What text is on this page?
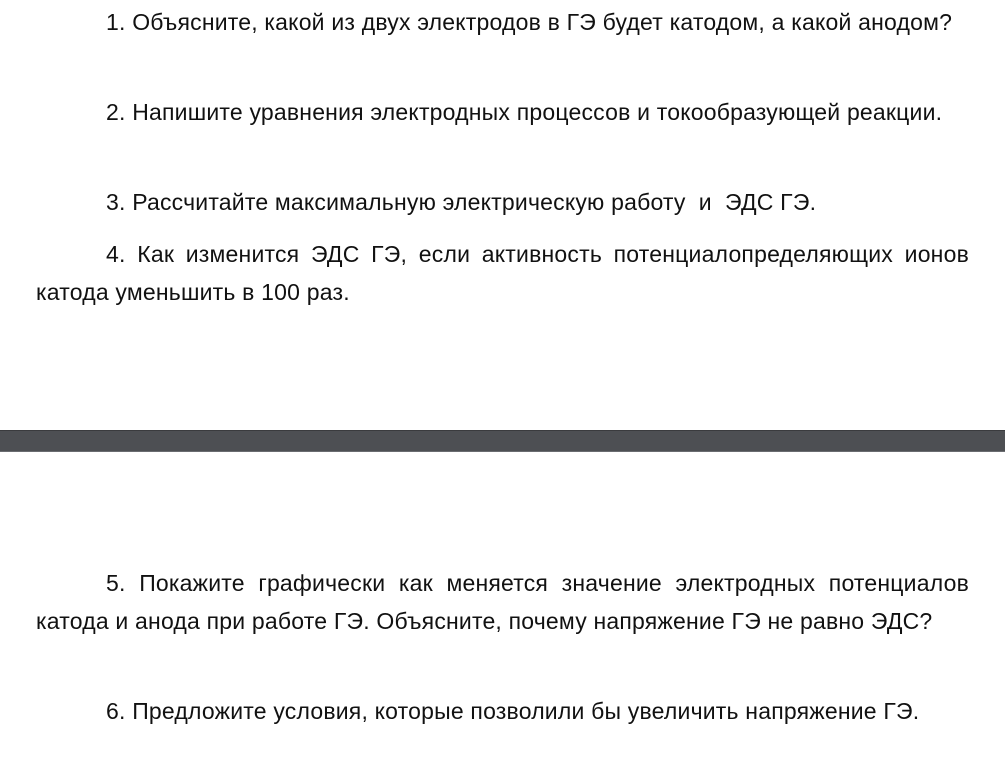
1. Объясните, какой из двух электродов в ГЭ будет катодом, а какой анодом?

2. Напишите уравнения электродных процессов и токообразующей реакции.

3. Рассчитайте максимальную электрическую работу  и  ЭДС ГЭ.

4. Как изменится ЭДС ГЭ, если активность потенциалопределяющих ионов катода уменьшить в 100 раз.

5. Покажите графически как меняется значение электродных потенциалов катода и анода при работе ГЭ. Объясните, почему напряжение ГЭ не равно ЭДС?

6. Предложите условия, которые позволили бы увеличить напряжение ГЭ.
